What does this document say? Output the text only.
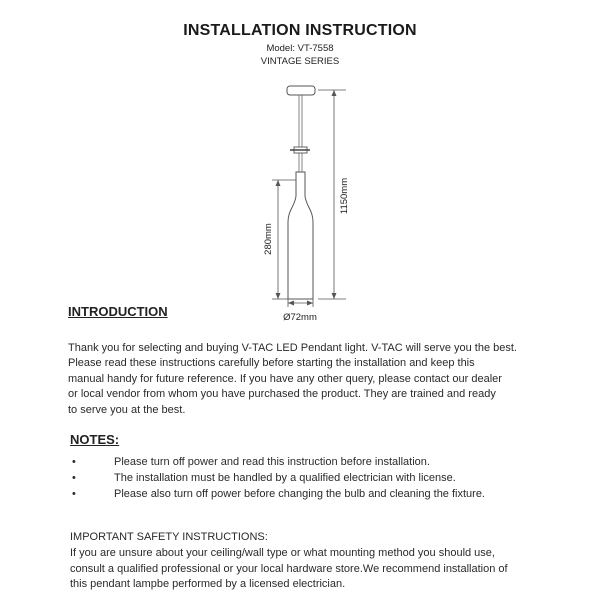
INSTALLATION INSTRUCTION
Model: VT-7558
VINTAGE SERIES
1150mm
280mm
Ø72mm
INTRODUCTION
Thank you for selecting and buying V-TAC LED Pendant light. V-TAC will serve you the best.
Please read these instructions carefully before starting the installation and keep this
manual handy for future reference. If you have any other query, please contact our dealer
or local vendor from whom you have purchased the product. They are trained and ready
to serve you at the best.
NOTES:
•	Please turn off power and read this instruction before installation.
•	The installation must be handled by a qualified electrician with license.
•	Please also turn off power before changing the bulb and cleaning the fixture.
IMPORTANT SAFETY INSTRUCTIONS:
If you are unsure about your ceiling/wall type or what mounting method you should use,
consult a qualified professional or your local hardware store.We recommend installation of
this pendant lampbe performed by a licensed electrician.
